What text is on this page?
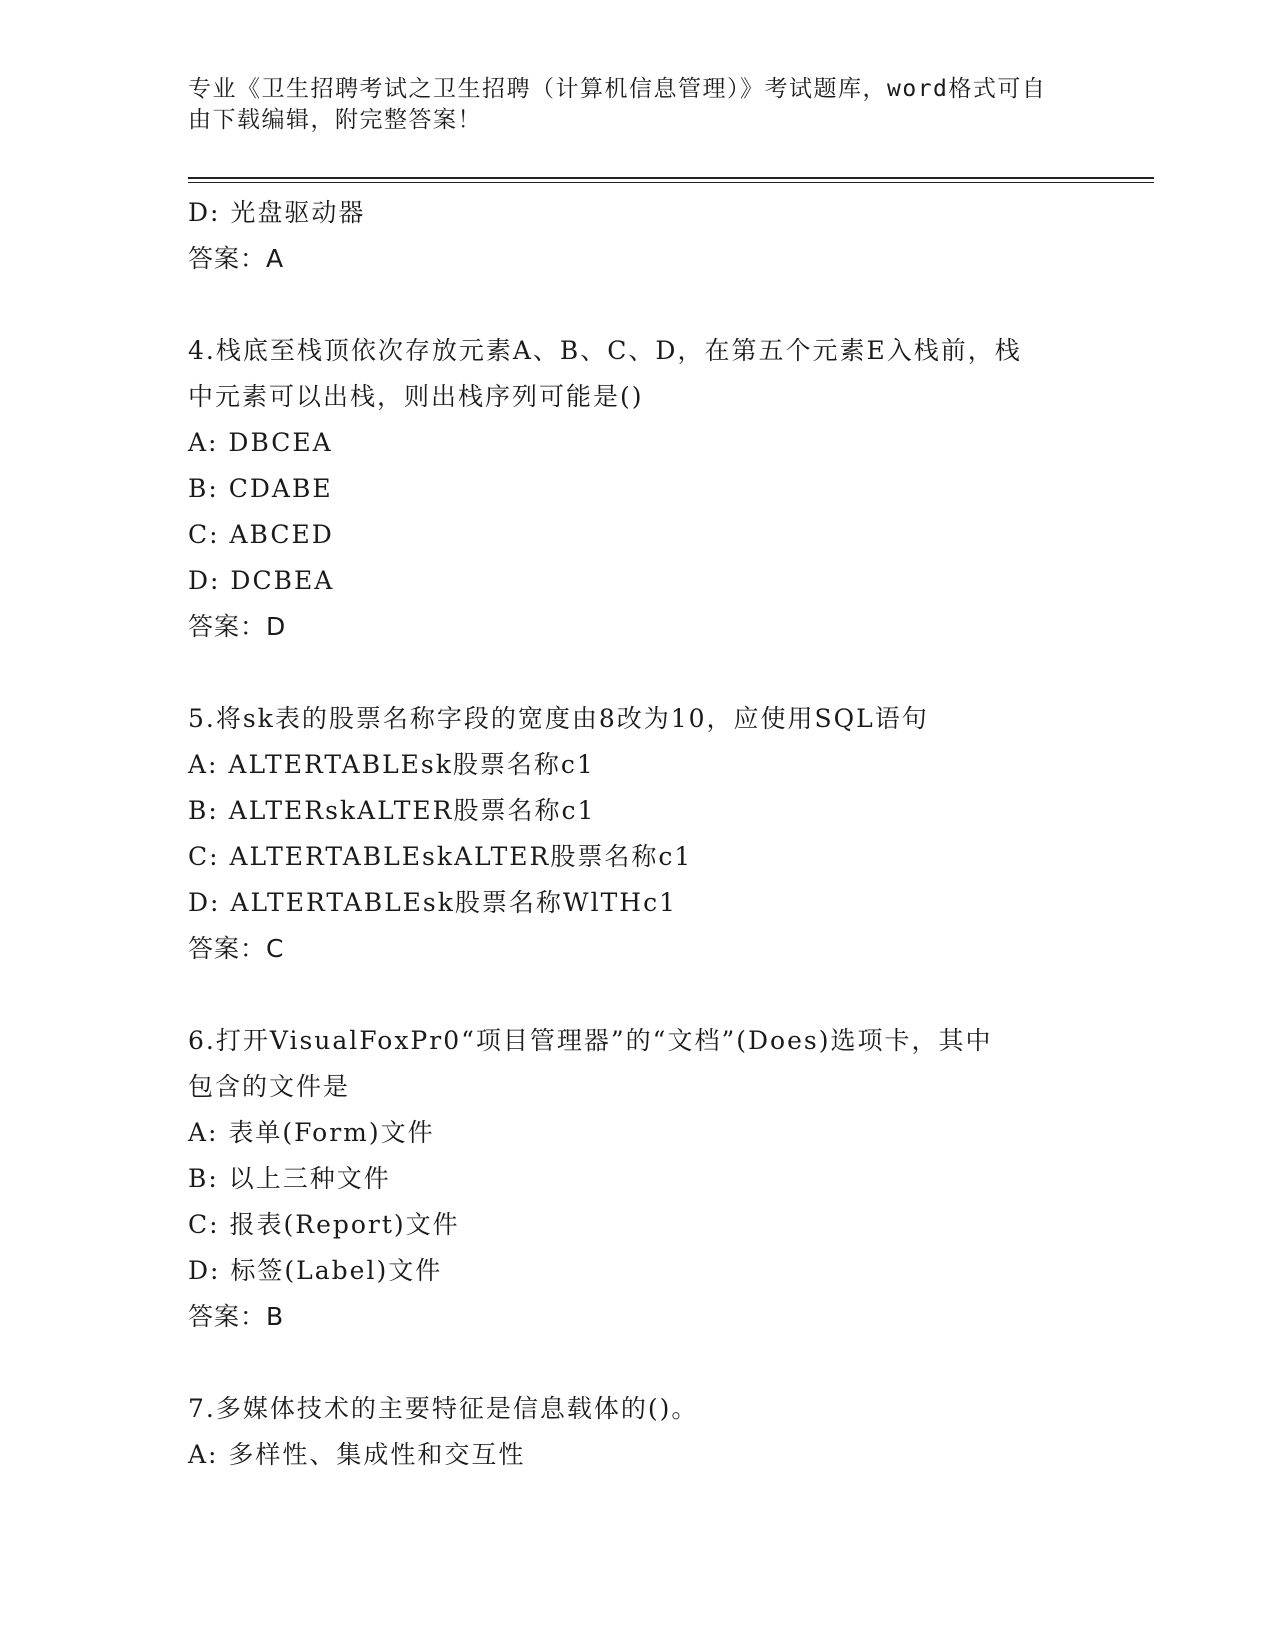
专业《卫生招聘考试之卫生招聘（计算机信息管理）》考试题库，word格式可自
由下载编辑，附完整答案！
D: 光盘驱动器
答案：A
4.栈底至栈顶依次存放元素A、B、C、D，在第五个元素E入栈前，栈
中元素可以出栈，则出栈序列可能是()
A: DBCEA
B: CDABE
C: ABCED
D: DCBEA
答案：D
5.将sk表的股票名称字段的宽度由8改为10，应使用SQL语句
A: ALTERTABLEsk股票名称c1
B: ALTERskALTER股票名称c1
C: ALTERTABLEskALTER股票名称c1
D: ALTERTABLEsk股票名称WlTHc1
答案：C
6.打开VisualFoxPr0“项目管理器”的“文档”(Does)选项卡，其中
包含的文件是
A: 表单(Form)文件
B: 以上三种文件
C: 报表(Report)文件
D: 标签(Label)文件
答案：B
7.多媒体技术的主要特征是信息载体的()。
A: 多样性、集成性和交互性
